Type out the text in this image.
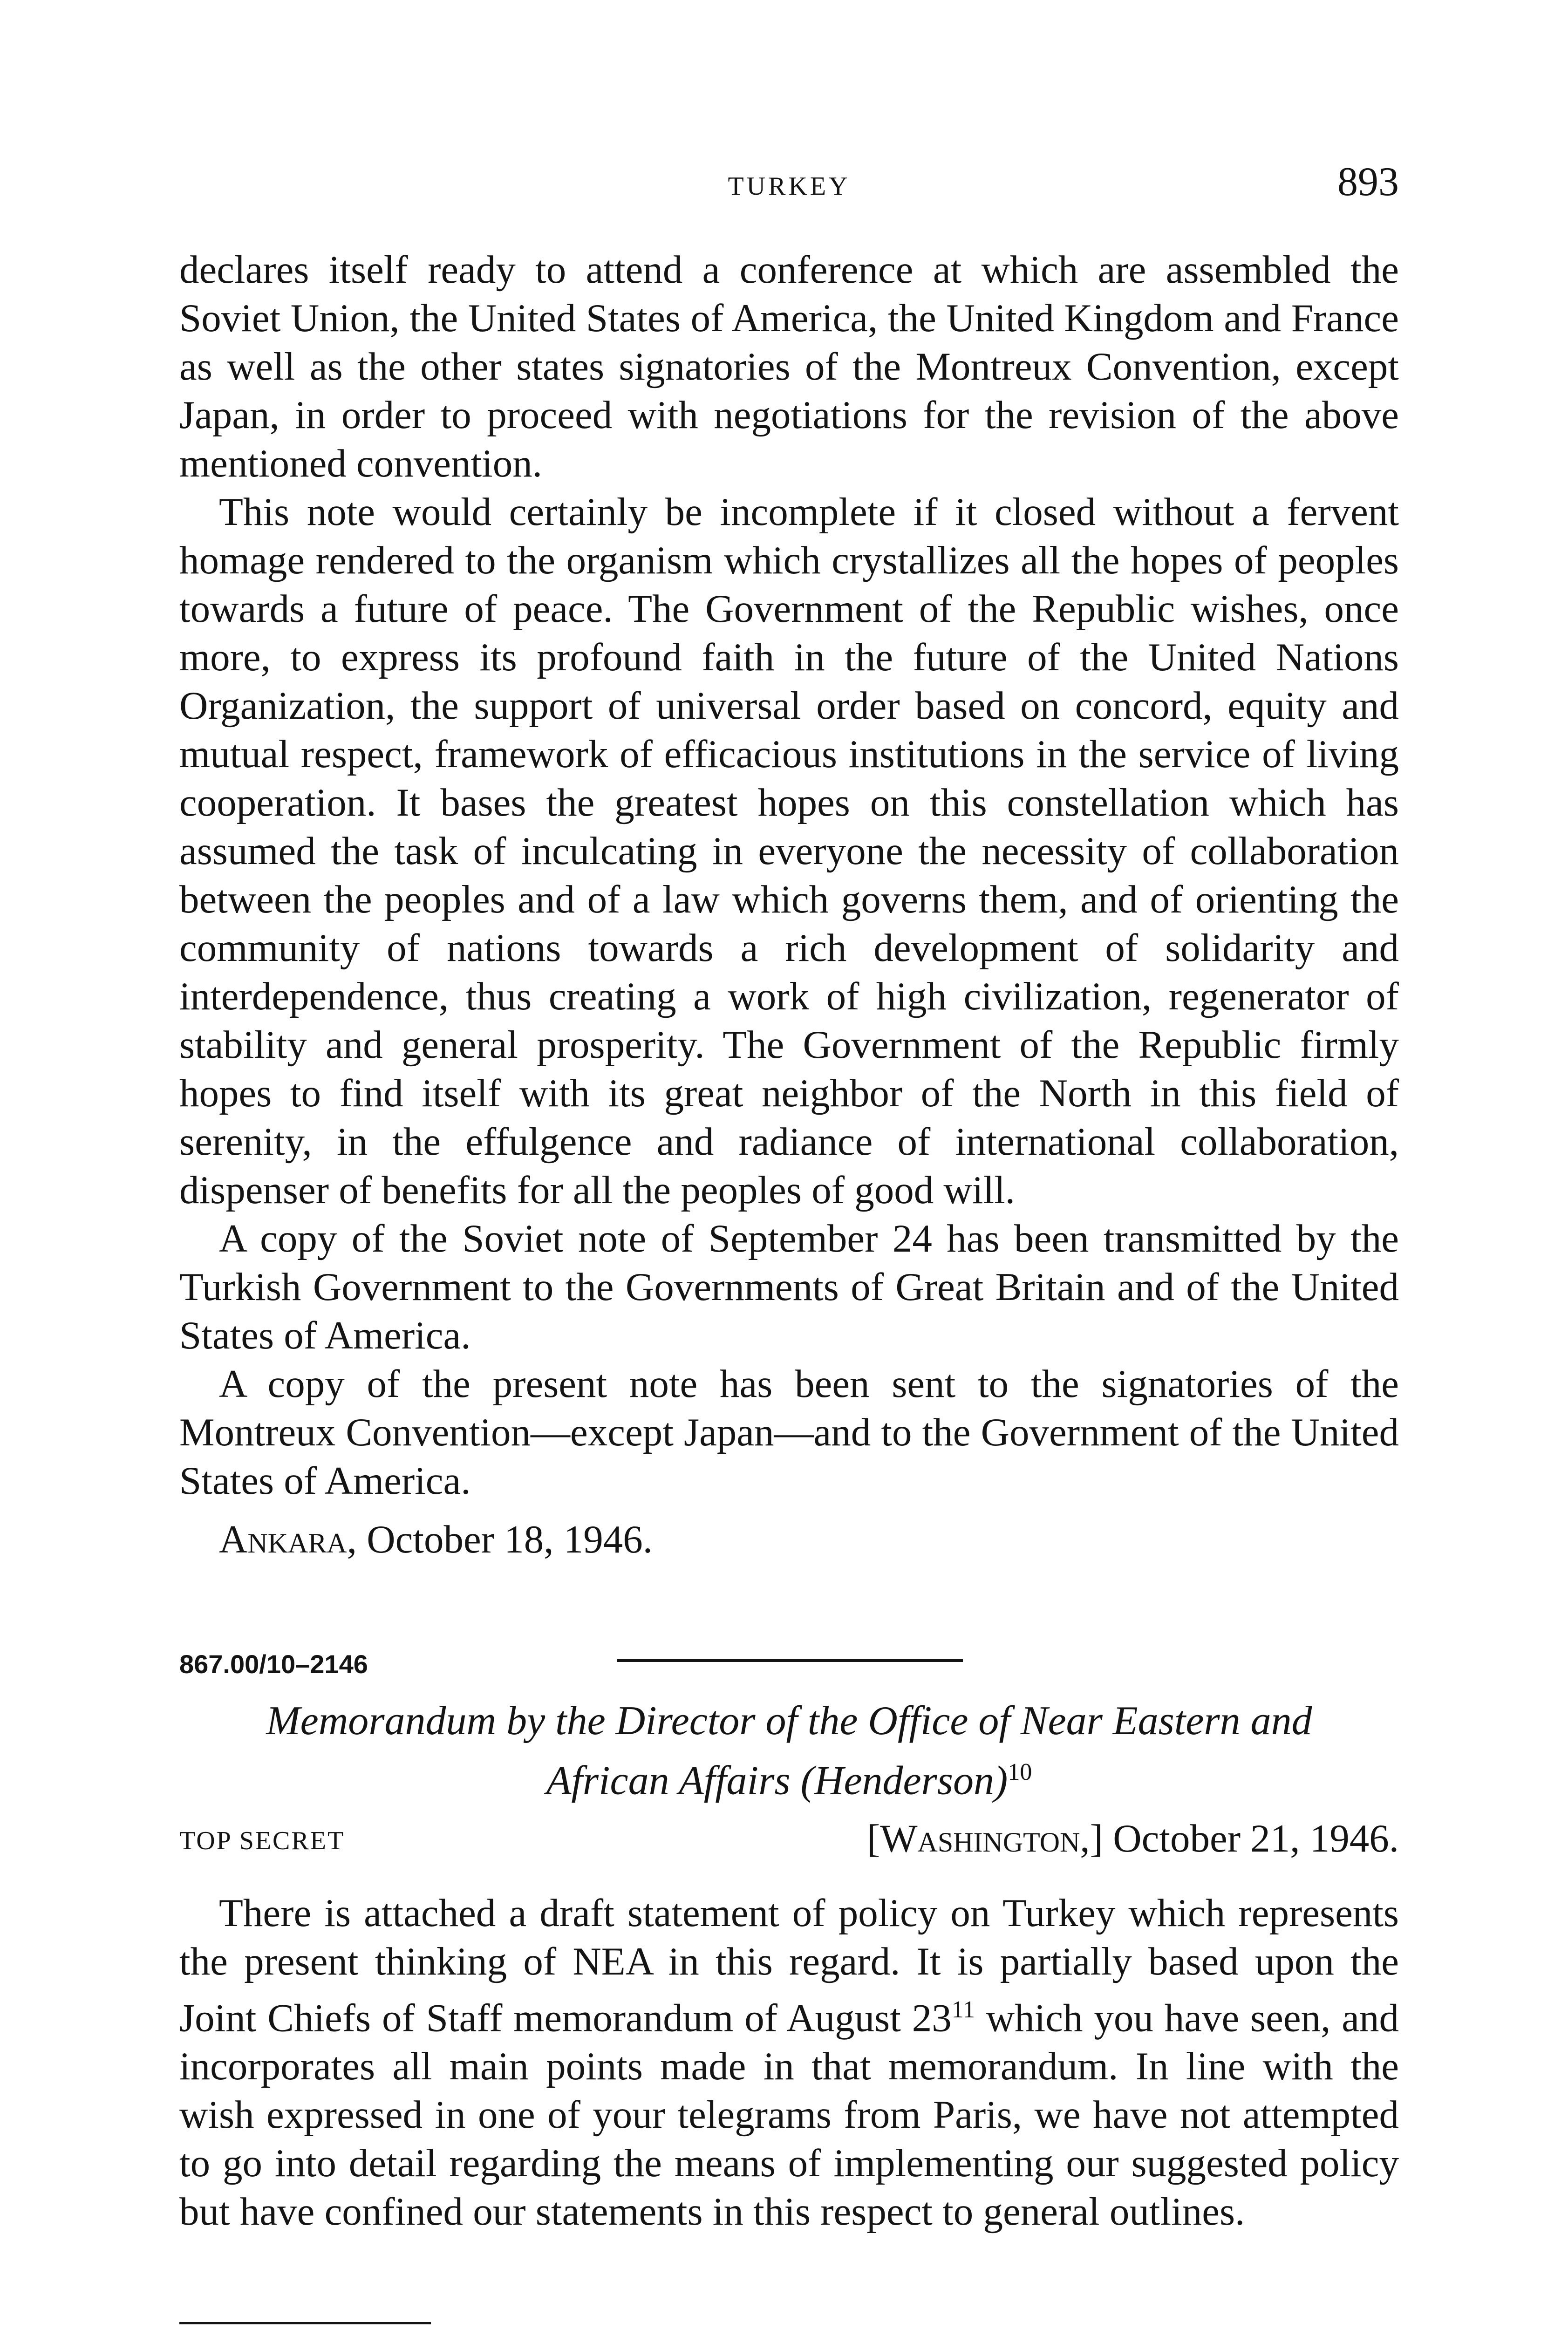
TURKEY	893

declares itself ready to attend a conference at which are assembled the Soviet Union, the United States of America, the United Kingdom and France as well as the other states signatories of the Montreux Convention, except Japan, in order to proceed with negotiations for the revision of the above mentioned convention.

This note would certainly be incomplete if it closed without a fervent homage rendered to the organism which crystallizes all the hopes of peoples towards a future of peace. The Government of the Republic wishes, once more, to express its profound faith in the future of the United Nations Organization, the support of universal order based on concord, equity and mutual respect, framework of efficacious institutions in the service of living cooperation. It bases the greatest hopes on this constellation which has assumed the task of inculcating in everyone the necessity of collaboration between the peoples and of a law which governs them, and of orienting the community of nations towards a rich development of solidarity and interdependence, thus creating a work of high civilization, regenerator of stability and general prosperity. The Government of the Republic firmly hopes to find itself with its great neighbor of the North in this field of serenity, in the effulgence and radiance of international collaboration, dispenser of benefits for all the peoples of good will.

A copy of the Soviet note of September 24 has been transmitted by the Turkish Government to the Governments of Great Britain and of the United States of America.

A copy of the present note has been sent to the signatories of the Montreux Convention—except Japan—and to the Government of the United States of America.

Ankara, October 18, 1946.

867.00/10–2146
Memorandum by the Director of the Office of Near Eastern and
African Affairs (Henderson)$^{10}$
TOP SECRET	[Washington,] October 21, 1946.

There is attached a draft statement of policy on Turkey which represents the present thinking of NEA in this regard. It is partially based upon the Joint Chiefs of Staff memorandum of August $23^{11}$ which you have seen, and incorporates all main points made in that memorandum. In line with the wish expressed in one of your telegrams from Paris, we have not attempted to go into detail regarding the means of implementing our suggested policy but have confined our statements in this respect to general outlines.
